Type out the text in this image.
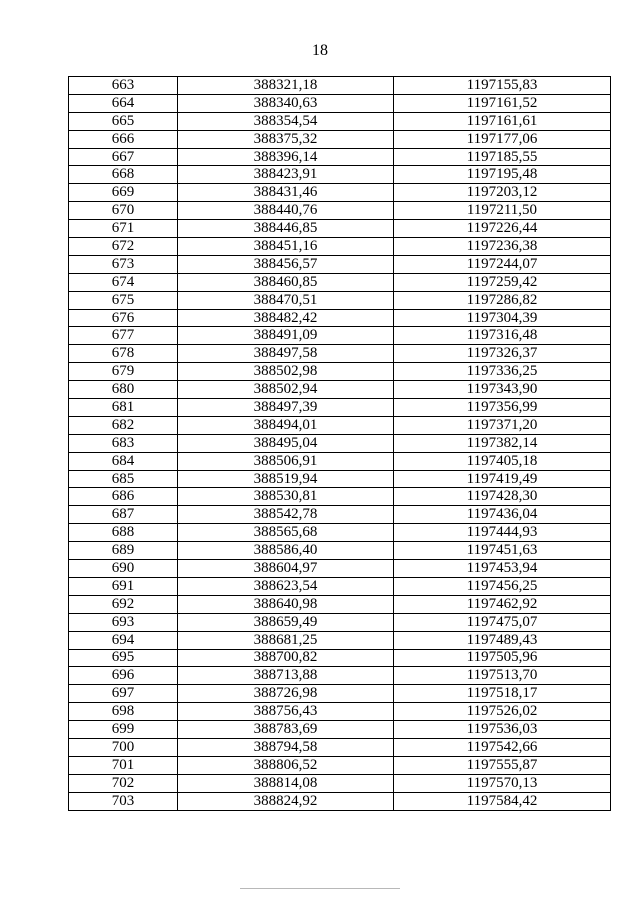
18
663	388321,18	1197155,83
664	388340,63	1197161,52
665	388354,54	1197161,61
666	388375,32	1197177,06
667	388396,14	1197185,55
668	388423,91	1197195,48
669	388431,46	1197203,12
670	388440,76	1197211,50
671	388446,85	1197226,44
672	388451,16	1197236,38
673	388456,57	1197244,07
674	388460,85	1197259,42
675	388470,51	1197286,82
676	388482,42	1197304,39
677	388491,09	1197316,48
678	388497,58	1197326,37
679	388502,98	1197336,25
680	388502,94	1197343,90
681	388497,39	1197356,99
682	388494,01	1197371,20
683	388495,04	1197382,14
684	388506,91	1197405,18
685	388519,94	1197419,49
686	388530,81	1197428,30
687	388542,78	1197436,04
688	388565,68	1197444,93
689	388586,40	1197451,63
690	388604,97	1197453,94
691	388623,54	1197456,25
692	388640,98	1197462,92
693	388659,49	1197475,07
694	388681,25	1197489,43
695	388700,82	1197505,96
696	388713,88	1197513,70
697	388726,98	1197518,17
698	388756,43	1197526,02
699	388783,69	1197536,03
700	388794,58	1197542,66
701	388806,52	1197555,87
702	388814,08	1197570,13
703	388824,92	1197584,42
